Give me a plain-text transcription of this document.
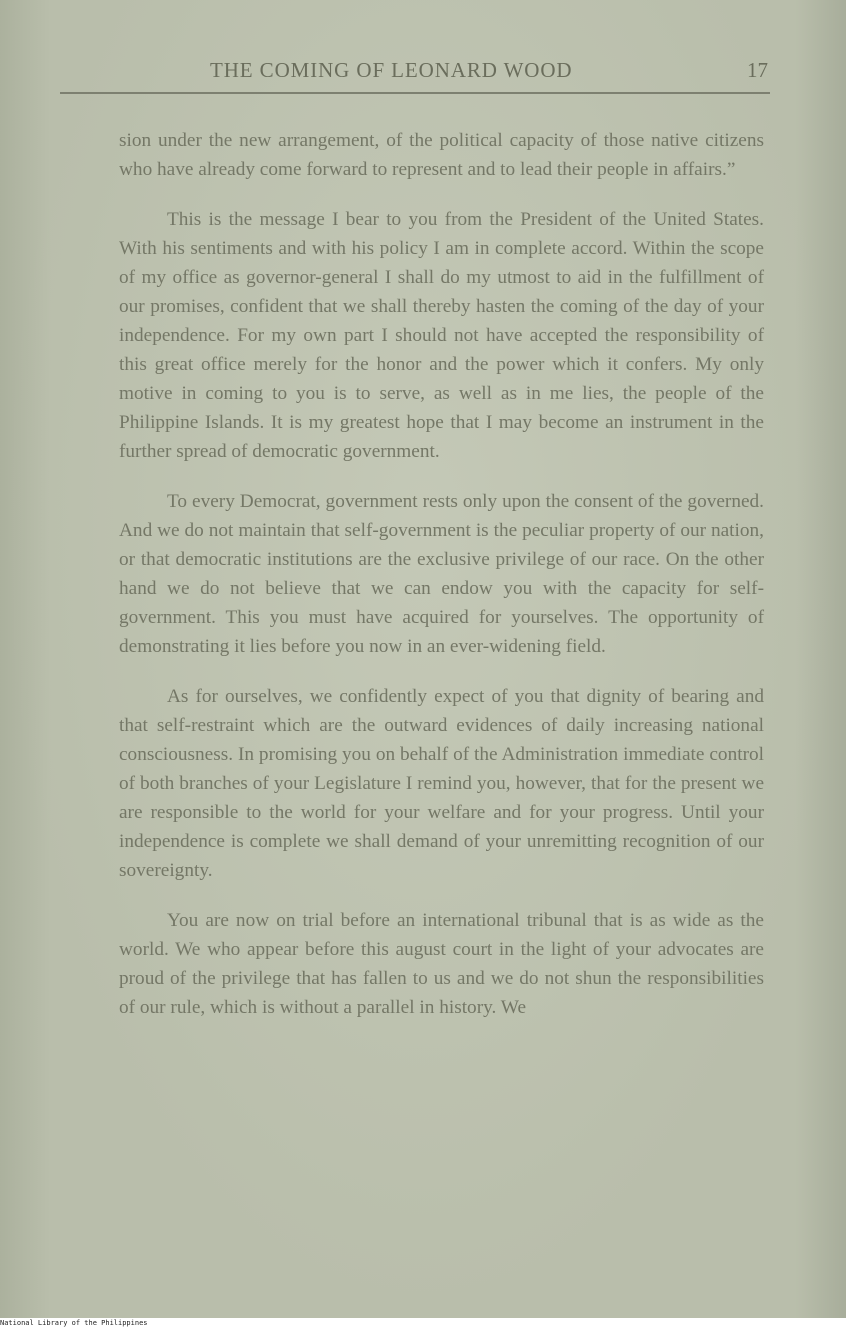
THE COMING OF LEONARD WOOD	17

sion under the new arrangement, of the political capacity of those native citizens who have already come forward to represent and to lead their people in affairs.”

This is the message I bear to you from the President of the United States. With his sentiments and with his policy I am in complete accord. Within the scope of my office as governor-general I shall do my utmost to aid in the fulfillment of our promises, confident that we shall thereby hasten the coming of the day of your independence. For my own part I should not have accepted the responsibility of this great office merely for the honor and the power which it confers. My only motive in coming to you is to serve, as well as in me lies, the people of the Philippine Islands. It is my greatest hope that I may become an instrument in the further spread of democratic government.

To every Democrat, government rests only upon the consent of the governed. And we do not maintain that self-government is the peculiar property of our nation, or that democratic institutions are the exclusive privilege of our race. On the other hand we do not believe that we can endow you with the capacity for self-government. This you must have acquired for yourselves. The opportunity of demonstrating it lies before you now in an ever-widening field.

As for ourselves, we confidently expect of you that dignity of bearing and that self-restraint which are the outward evidences of daily increasing national consciousness. In promising you on behalf of the Administration immediate control of both branches of your Legislature I remind you, however, that for the present we are responsible to the world for your welfare and for your progress. Until your independence is complete we shall demand of your unremitting recognition of our sovereignty.

You are now on trial before an international tribunal that is as wide as the world. We who appear before this august court in the light of your advocates are proud of the privilege that has fallen to us and we do not shun the responsibilities of our rule, which is without a parallel in history. We

National Library of the Philippines
